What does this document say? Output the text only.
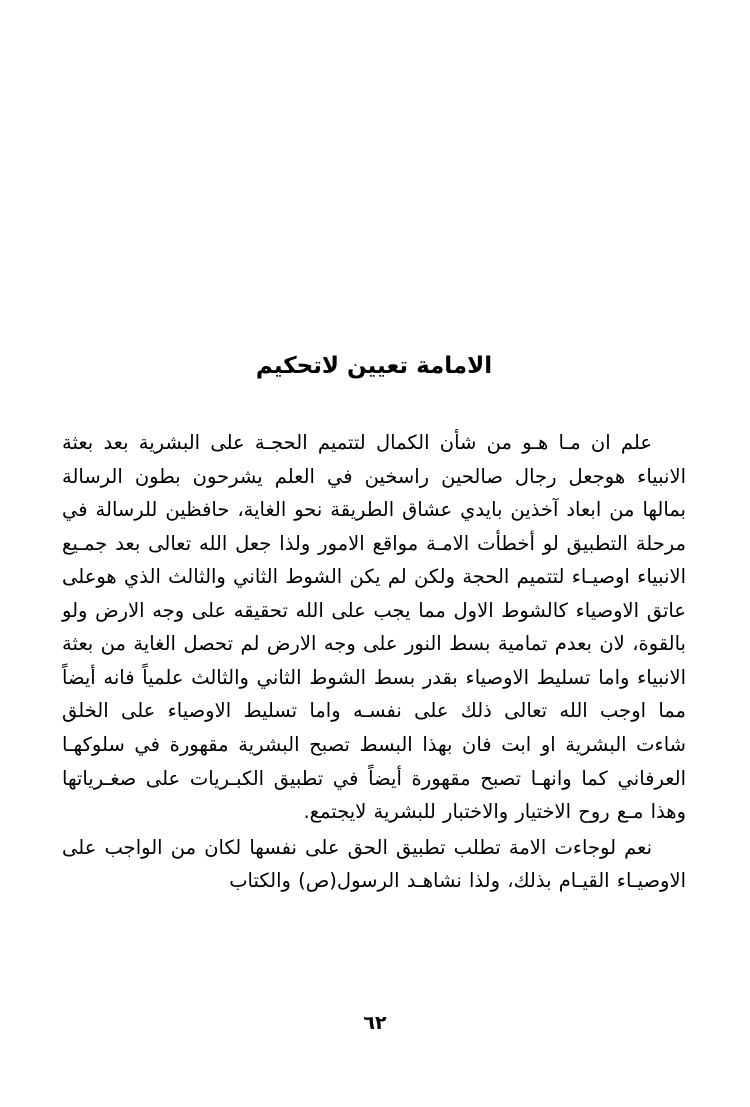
الامامة تعيين لاتحكيم

علم ان مـا هـو من شأن الكمال لتتميم الحجـة على البشرية بعد بعثة الانبياء هوجعل رجال صالحين راسخين في العلم يشرحون بطون الرسالة بمالها من ابعاد آخذين بايدي عشاق الطريقة نحو الغاية، حافظين للرسالة في مرحلة التطبيق لو أخطأت الامـة مواقع الامور ولذا جعل الله تعالى بعد جمـيع الانبياء اوصيـاء لتتميم الحجة ولكن لم يكن الشوط الثاني والثالث الذي هوعلى عاتق الاوصياء كالشوط الاول مما يجب على الله تحقيقه على وجه الارض ولو بالقوة، لان بعدم تمامية بسط النور على وجه الارض لم تحصل الغاية من بعثة الانبياء واما تسليط الاوصياء بقدر بسط الشوط الثاني والثالث علمياً فانه أيضاً مما اوجب الله تعالى ذلك على نفسـه واما تسليط الاوصياء على الخلق شاءت البشرية او ابت فان بهذا البسط تصبح البشرية مقهورة في سلوكهـا العرفاني كما وانهـا تصبح مقهورة أيضاً في تطبيق الكبـريات على صغـرياتها وهذا مـع روح الاختيار والاختبار للبشرية لايجتمع.

نعم لوجاءت الامة تطلب تطبيق الحق على نفسها لكان من الواجب على الاوصيـاء القيـام بذلك، ولذا نشاهـد الرسول(ص) والكتاب

٦٢
